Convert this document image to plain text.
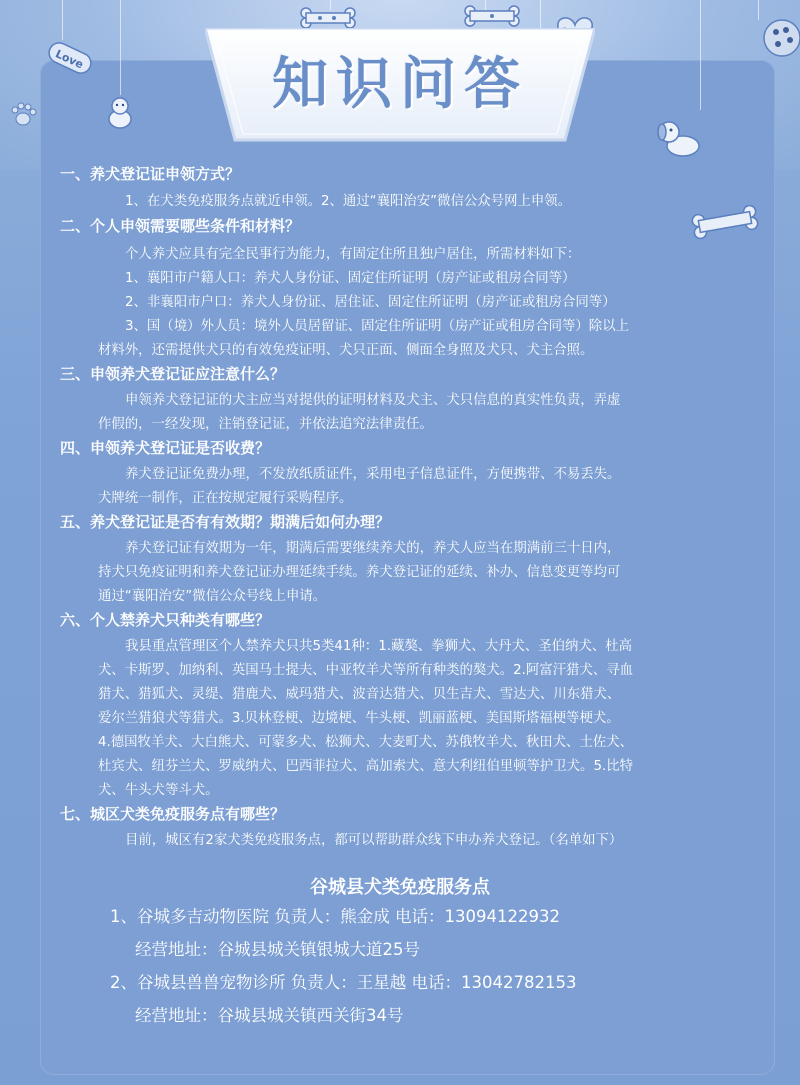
Love	知识问答
一、养犬登记证申领方式？
1、在犬类免疫服务点就近申领。2、通过“襄阳治安”微信公众号网上申领。
二、个人申领需要哪些条件和材料？
个人养犬应具有完全民事行为能力，有固定住所且独户居住，所需材料如下：
1、襄阳市户籍人口：养犬人身份证、固定住所证明（房产证或租房合同等）
2、非襄阳市户口：养犬人身份证、居住证、固定住所证明（房产证或租房合同等）
3、国（境）外人员：境外人员居留证、固定住所证明（房产证或租房合同等）除以上
材料外，还需提供犬只的有效免疫证明、犬只正面、侧面全身照及犬只、犬主合照。
三、申领养犬登记证应注意什么？
申领养犬登记证的犬主应当对提供的证明材料及犬主、犬只信息的真实性负责，弄虚
作假的，一经发现，注销登记证，并依法追究法律责任。
四、申领养犬登记证是否收费？
养犬登记证免费办理，不发放纸质证件，采用电子信息证件，方便携带、不易丢失。
犬牌统一制作，正在按规定履行采购程序。
五、养犬登记证是否有有效期？期满后如何办理？
养犬登记证有效期为一年，期满后需要继续养犬的，养犬人应当在期满前三十日内，
持犬只免疫证明和养犬登记证办理延续手续。养犬登记证的延续、补办、信息变更等均可
通过“襄阳治安”微信公众号线上申请。
六、个人禁养犬只种类有哪些？
我县重点管理区个人禁养犬只共5类41种：1.藏獒、拳狮犬、大丹犬、圣伯纳犬、杜高
犬、卡斯罗、加纳利、英国马士提夫、中亚牧羊犬等所有种类的獒犬。2.阿富汗猎犬、寻血
猎犬、猎狐犬、灵缇、猎鹿犬、威玛猎犬、波音达猎犬、贝生吉犬、雪达犬、川东猎犬、
爱尔兰猎狼犬等猎犬。3.贝林登梗、边境梗、牛头梗、凯丽蓝梗、美国斯塔福梗等梗犬。
4.德国牧羊犬、大白熊犬、可蒙多犬、松狮犬、大麦町犬、苏俄牧羊犬、秋田犬、土佐犬、
杜宾犬、纽芬兰犬、罗威纳犬、巴西菲拉犬、高加索犬、意大利纽伯里顿等护卫犬。5.比特
犬、牛头犬等斗犬。
七、城区犬类免疫服务点有哪些？
目前，城区有2家犬类免疫服务点，都可以帮助群众线下申办养犬登记。（名单如下）
谷城县犬类免疫服务点
1、谷城多吉动物医院 负责人：熊金成 电话：13094122932
经营地址：谷城县城关镇银城大道25号
2、谷城县兽兽宠物诊所 负责人：王星越 电话：13042782153
经营地址：谷城县城关镇西关街34号
